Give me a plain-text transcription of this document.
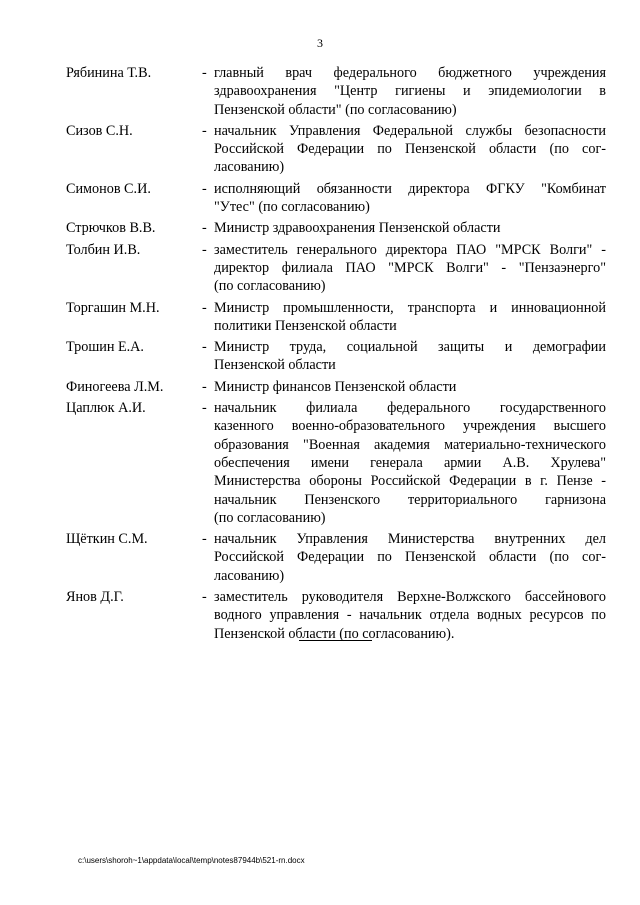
3
Рябинина Т.В.	- главный врач федерального бюджетного учреждения
здравоохранения "Центр гигиены и эпидемиологии в
Пензенской области" (по согласованию)
Сизов С.Н.	- начальник Управления Федеральной службы безопасности
Российской Федерации по Пензенской области (по сог-
ласованию)
Симонов С.И.	- исполняющий обязанности директора ФГКУ "Комбинат
"Утес" (по согласованию)
Стрючков В.В.	- Министр здравоохранения Пензенской области
Толбин И.В.	- заместитель генерального директора ПАО "МРСК Волги" -
директор филиала ПАО "МРСК Волги" - "Пензаэнерго"
(по согласованию)
Торгашин М.Н.	- Министр промышленности, транспорта и инновационной
политики Пензенской области
Трошин Е.А.	- Министр труда, социальной защиты и демографии
Пензенской области
Финогеева Л.М.	- Министр финансов Пензенской области
Цаплюк А.И.	- начальник филиала федерального государственного
казенного военно-образовательного учреждения высшего
образования "Военная академия материально-технического
обеспечения имени генерала армии А.В. Хрулева"
Министерства обороны Российской Федерации в г. Пензе -
начальник Пензенского территориального гарнизона
(по согласованию)
Щёткин С.М.	- начальник Управления Министерства внутренних дел
Российской Федерации по Пензенской области (по сог-
ласованию)
Янов Д.Г.	- заместитель руководителя Верхне-Волжского бассейнового
водного управления - начальник отдела водных ресурсов по
Пензенской области (по согласованию).
c:\users\shoroh~1\appdata\local\temp\notes87944b\521-rn.docx
